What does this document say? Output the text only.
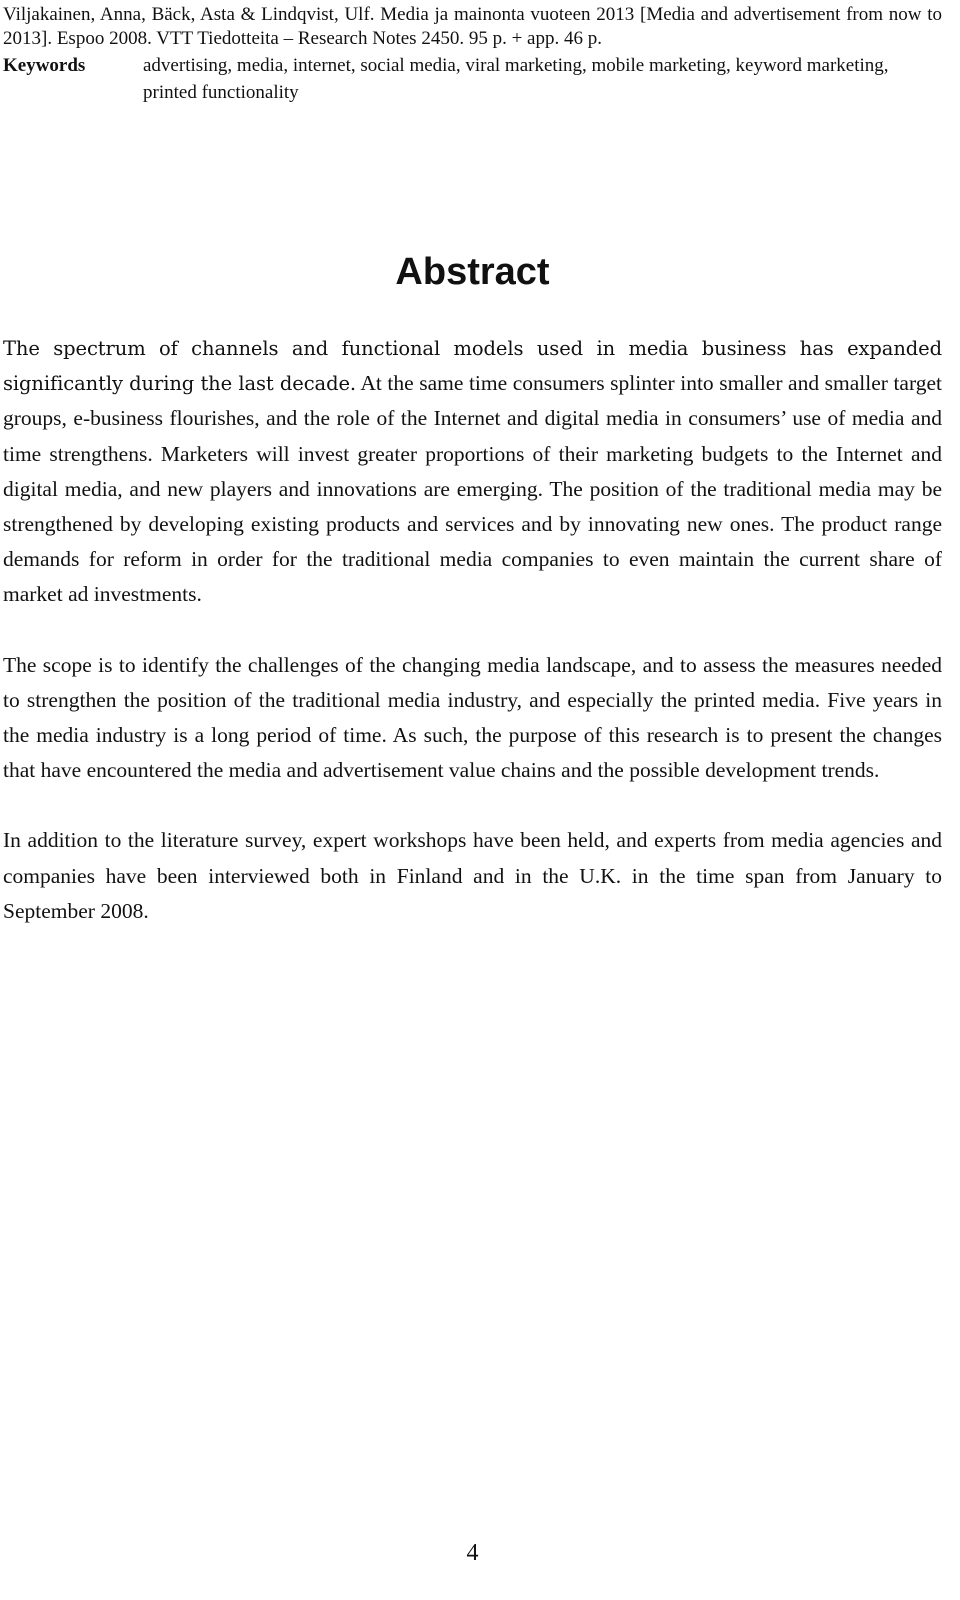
Viljakainen, Anna, Bäck, Asta & Lindqvist, Ulf. Media ja mainonta vuoteen 2013 [Media and advertisement from now to 2013]. Espoo 2008. VTT Tiedotteita – Research Notes 2450. 95 p. + app. 46 p.
Keywords	advertising, media, internet, social media, viral marketing, mobile marketing, keyword marketing, printed functionality
Abstract

The spectrum of channels and functional models used in media business has expanded significantly during the last decade. At the same time consumers splinter into smaller and smaller target groups, e-business flourishes, and the role of the Internet and digital media in consumers’ use of media and time strengthens. Marketers will invest greater proportions of their marketing budgets to the Internet and digital media, and new players and innovations are emerging. The position of the traditional media may be strengthened by developing existing products and services and by innovating new ones. The product range demands for reform in order for the traditional media companies to even maintain the current share of market ad investments.

The scope is to identify the challenges of the changing media landscape, and to assess the measures needed to strengthen the position of the traditional media industry, and especially the printed media. Five years in the media industry is a long period of time. As such, the purpose of this research is to present the changes that have encountered the media and advertisement value chains and the possible development trends.

In addition to the literature survey, expert workshops have been held, and experts from media agencies and companies have been interviewed both in Finland and in the U.K. in the time span from January to September 2008.

4
